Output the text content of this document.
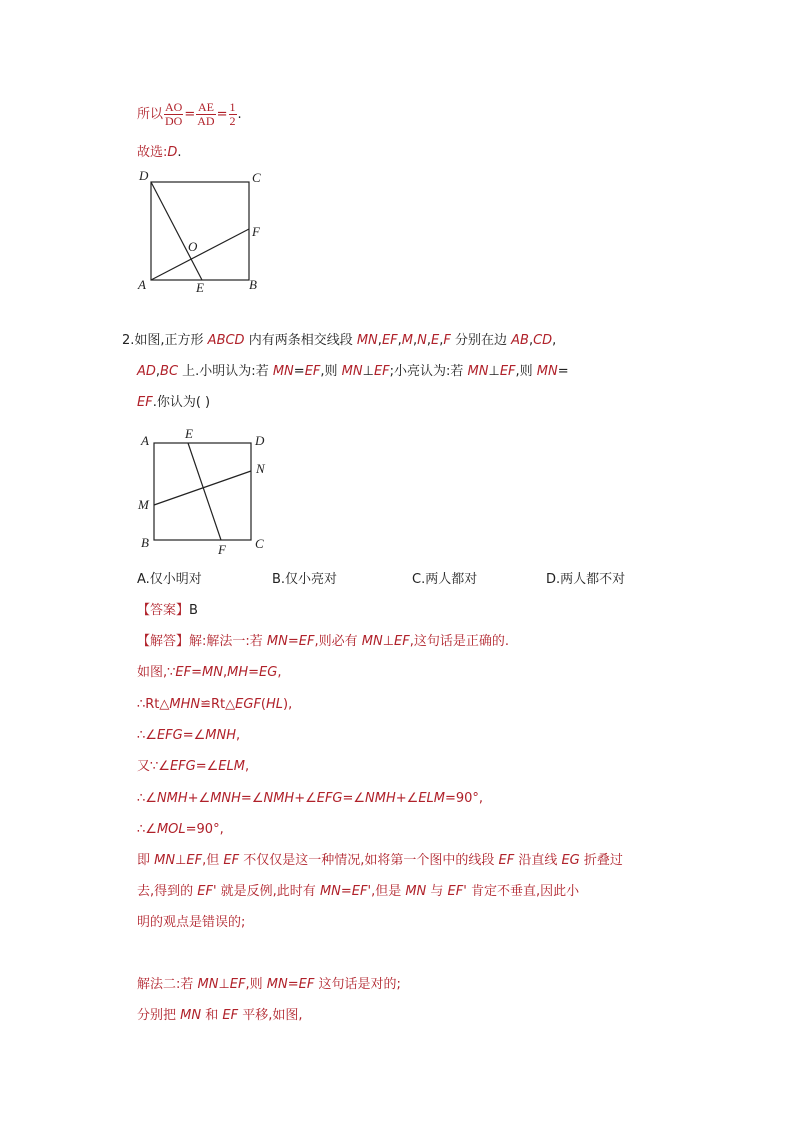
所以 $\frac{AO}{DO} = \frac{AE}{AD} = \frac{1}{2}$ .
故选:D.
D	C
F
O
A	E	B
2.如图,正方形 ABCD 内有两条相交线段 MN,EF,M,N,E,F 分别在边 AB,CD,
AD,BC 上.小明认为:若 MN=EF,则 MN⊥EF;小亮认为:若 MN⊥EF,则 MN=
EF.你认为( )
A	E	D
N
M
B	F C
A.仅小明对	B.仅小亮对	C.两人都对	D.两人都不对
【答案】B
【解答】解:解法一:若 MN=EF,则必有 MN⊥EF,这句话是正确的.
如图,∵EF=MN,MH=EG,
∴Rt△MHN≌Rt△EGF(HL),
∴∠EFG=∠MNH,
又∵∠EFG=∠ELM,
∴∠NMH+∠MNH=∠NMH+∠EFG=∠NMH+∠ELM=90°,
∴∠MOL=90°,
即 MN⊥EF,但 EF 不仅仅是这一种情况,如将第一个图中的线段 EF 沿直线 EG 折叠过
去,得到的 EF' 就是反例,此时有 MN=EF',但是 MN 与 EF' 肯定不垂直,因此小
明的观点是错误的;
解法二:若 MN⊥EF,则 MN=EF 这句话是对的;
分别把 MN 和 EF 平移,如图,
